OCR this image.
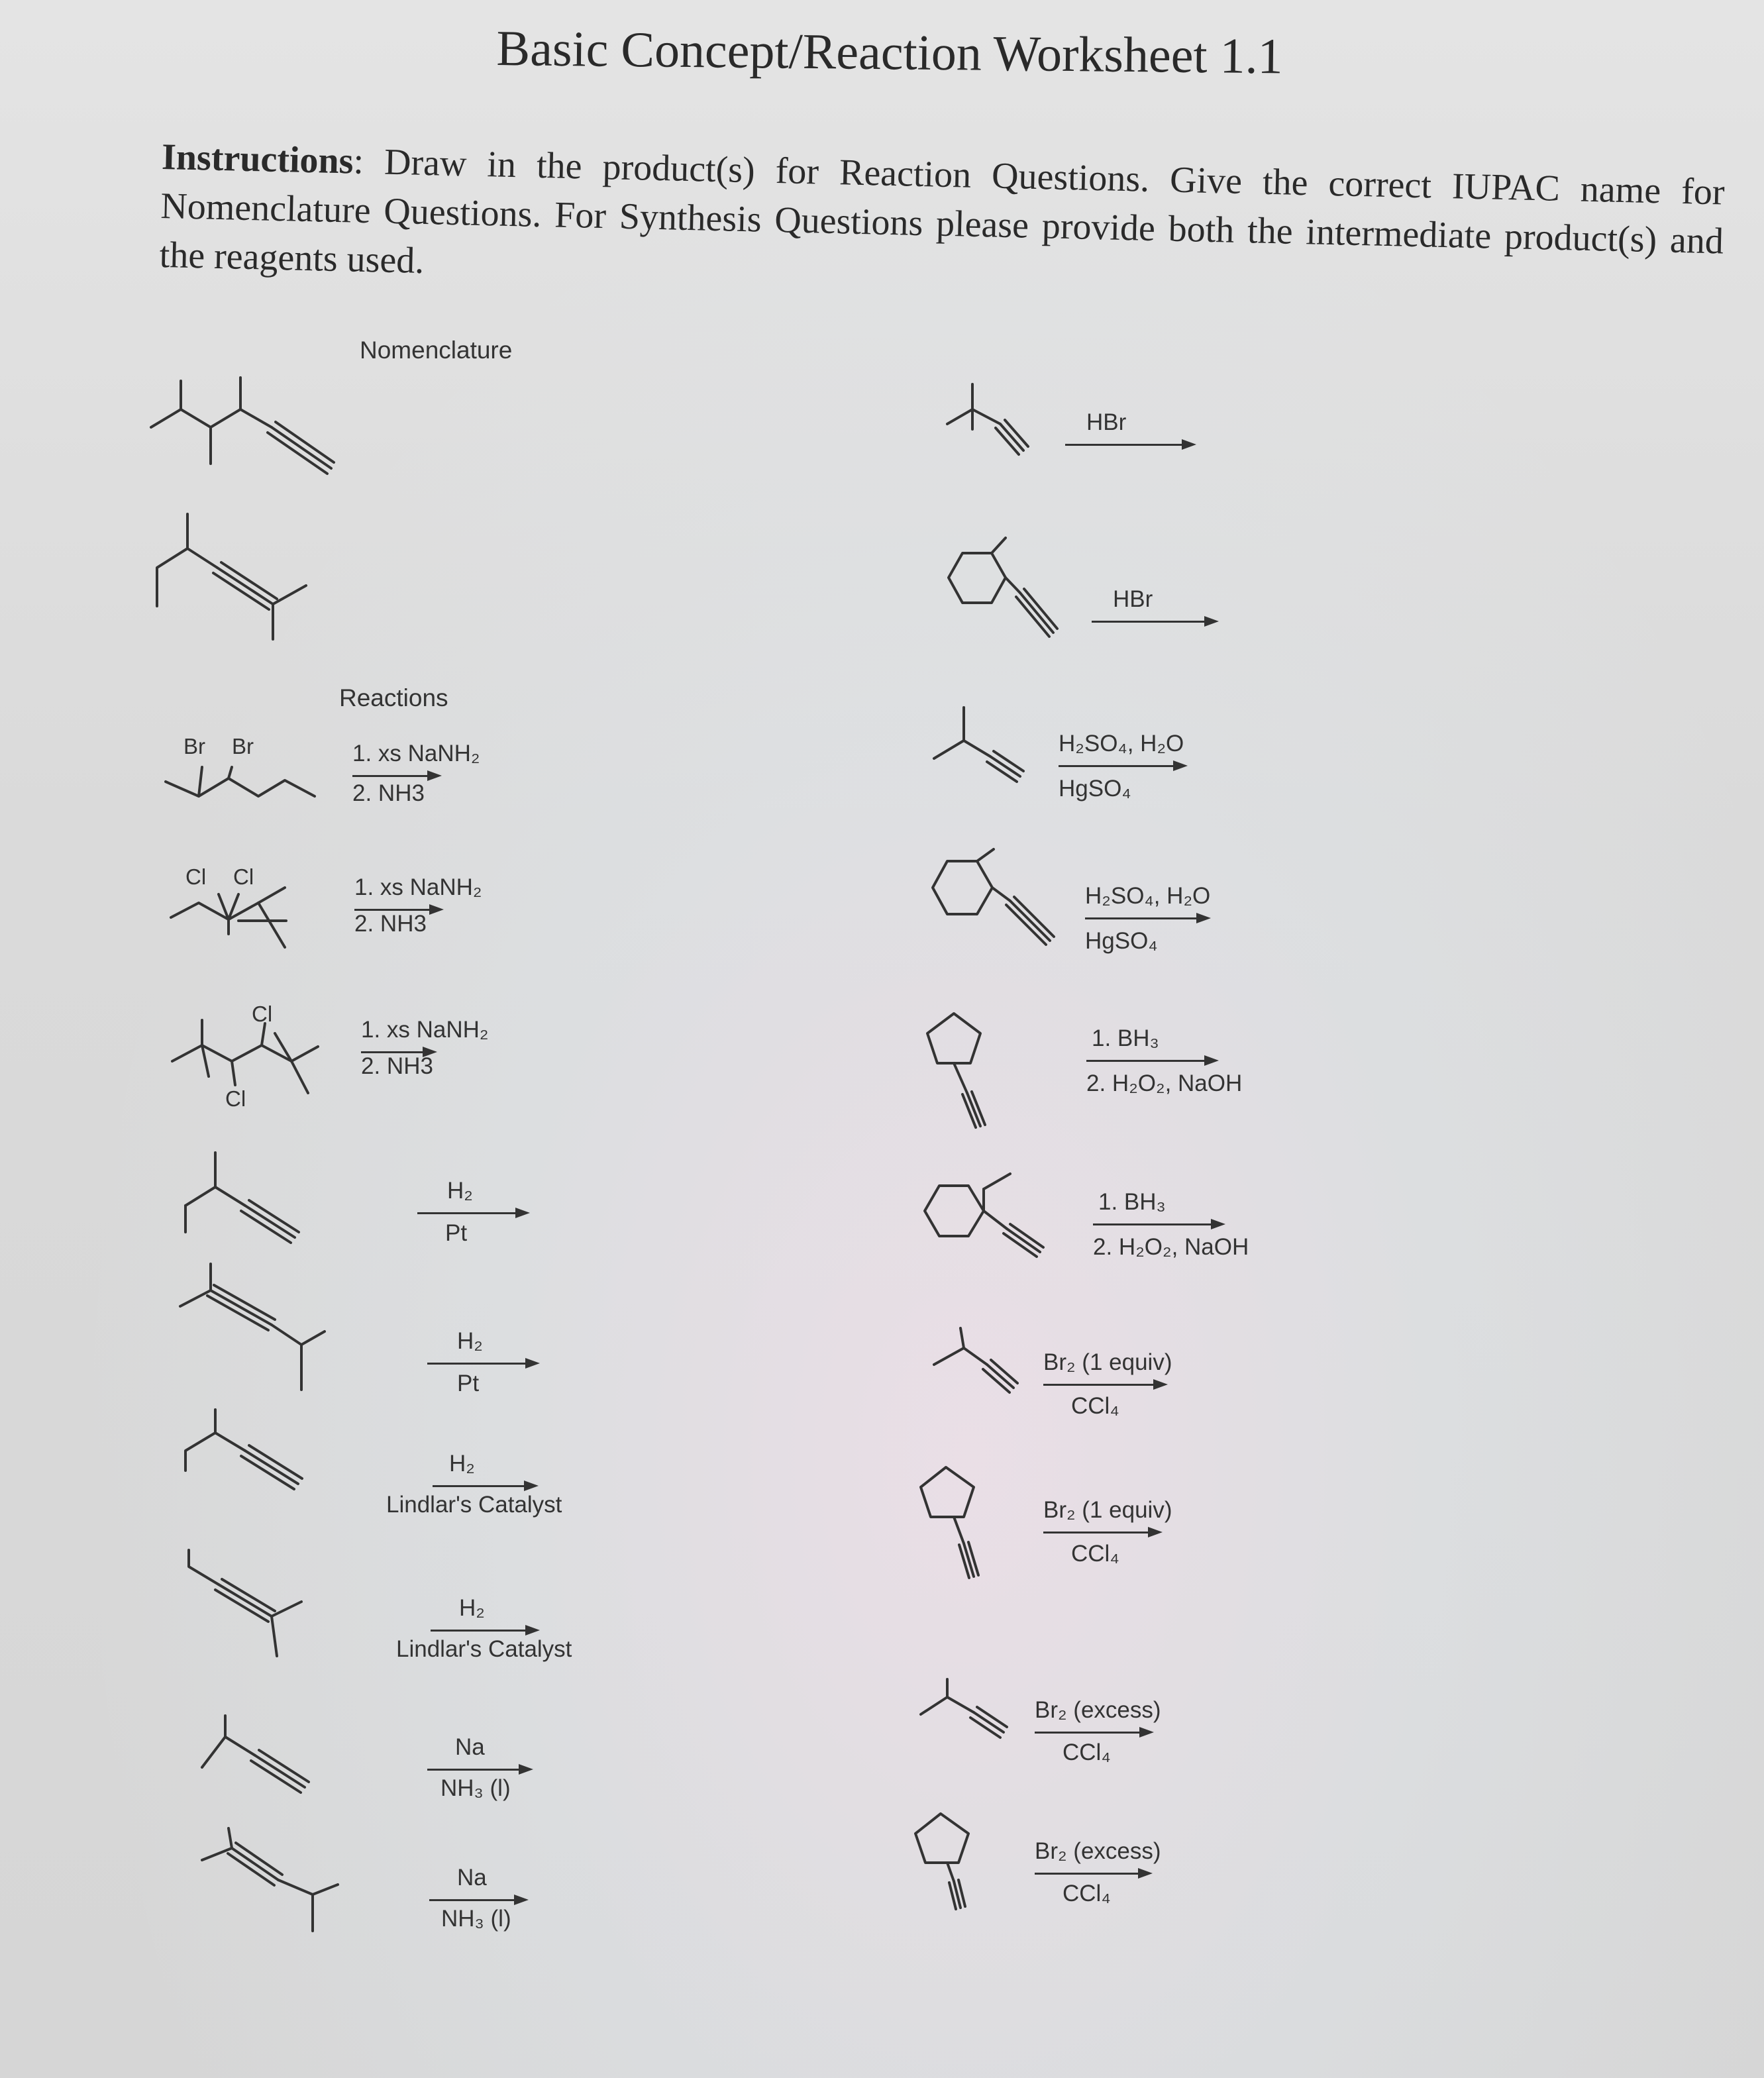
Basic Concept/Reaction Worksheet 1.1
Instructions: Draw in the product(s) for Reaction Questions. Give the correct IUPAC name for Nomenclature Questions. For Synthesis Questions please provide both the intermediate product(s) and the reagents used.
Nomenclature
Reactions
Br Br
Cl Cl
Cl
Cl
1. xs NaNH₂
2. NH3
1. xs NaNH₂
2. NH3
1. xs NaNH₂
2. NH3
H₂
Pt
H₂
Pt
H₂
Lindlar's Catalyst
H₂
Lindlar's Catalyst
Na
NH₃ (l)
Na
NH₃ (l)
HBr
HBr
H₂SO₄, H₂O
HgSO₄
H₂SO₄, H₂O
HgSO₄
1. BH₃
2. H₂O₂, NaOH
1. BH₃
2. H₂O₂, NaOH
Br₂ (1 equiv)
CCl₄
Br₂ (1 equiv)
CCl₄
Br₂ (excess)
CCl₄
Br₂ (excess)
CCl₄
